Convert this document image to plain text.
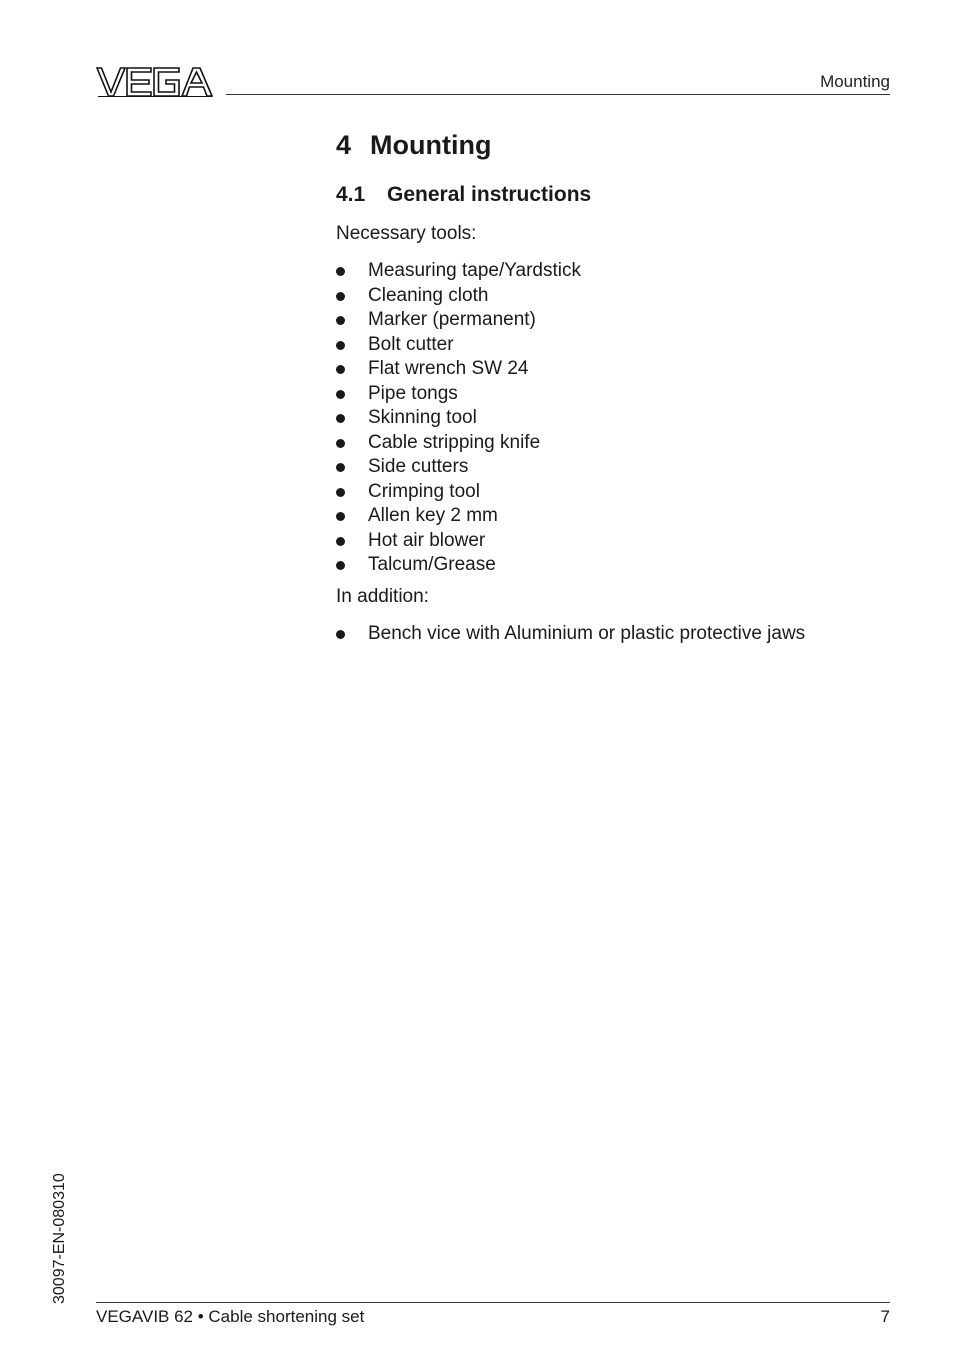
Mounting
4 Mounting
4.1	General instructions

Necessary tools:

Measuring tape/Yardstick
Cleaning cloth
Marker (permanent)
Bolt cutter
Flat wrench SW 24
Pipe tongs
Skinning tool
Cable stripping knife
Side cutters
Crimping tool
Allen key 2 mm
Hot air blower
Talcum/Grease

In addition:

Bench vice with Aluminium or plastic protective jaws
30097-EN-080310
VEGAVIB 62 • Cable shortening set	7
